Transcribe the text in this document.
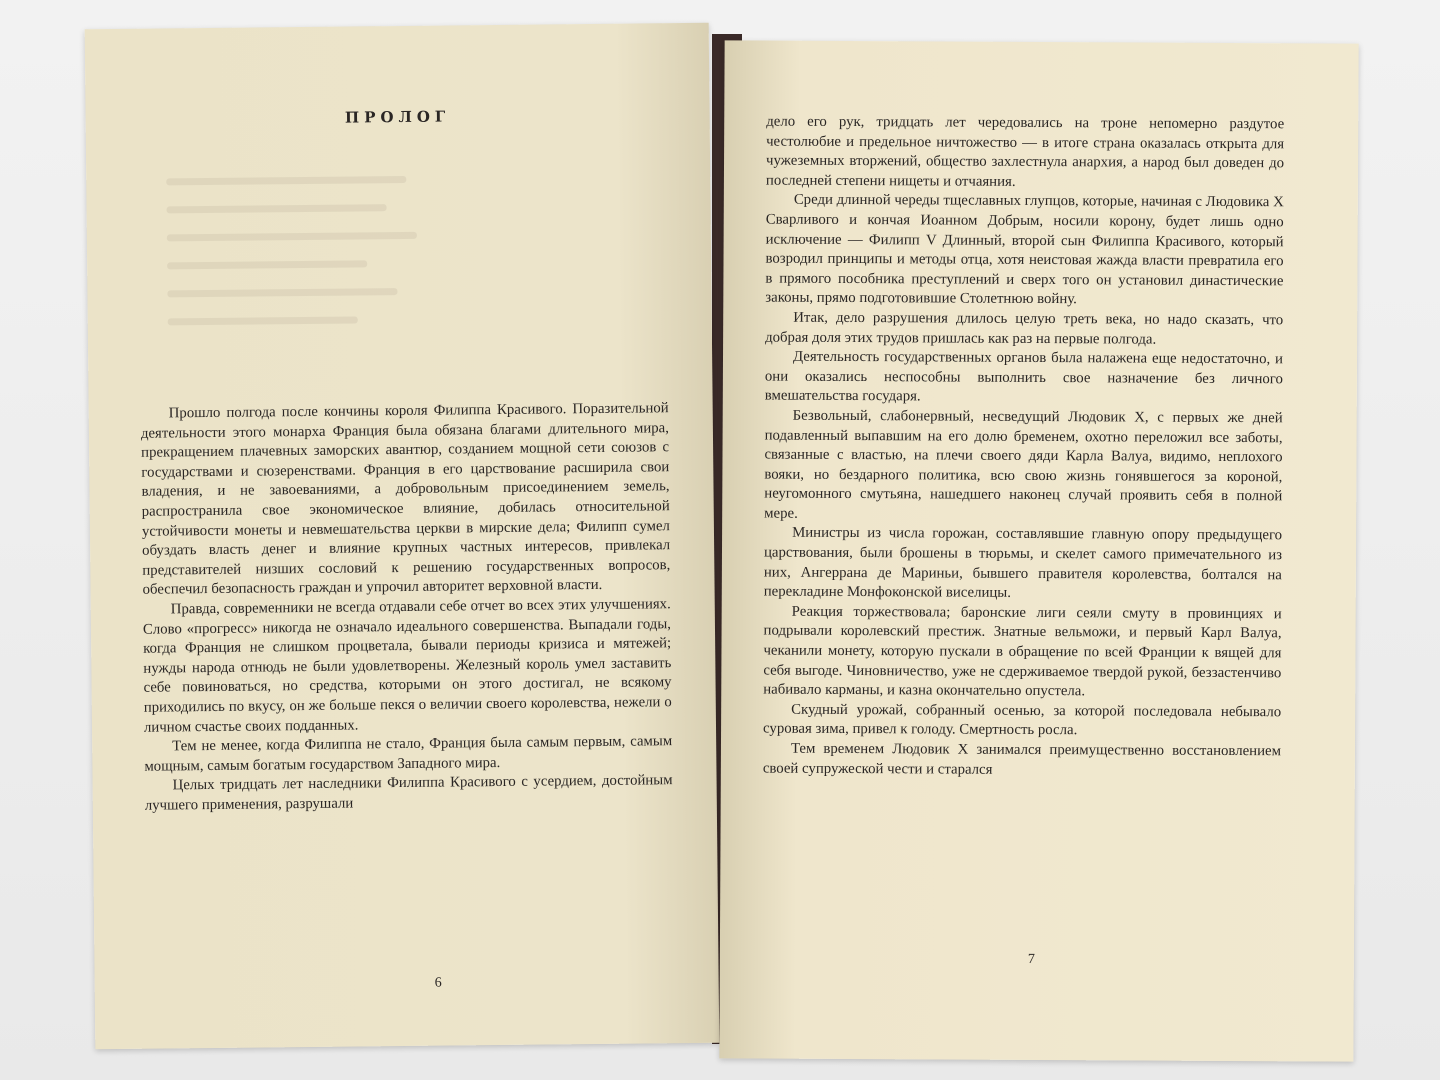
ПРОЛОГ

Прошло полгода после кончины короля Филиппа Красивого. Поразительной деятельности этого монарха Франция была обязана благами длительного мира, прекращением плачевных заморских авантюр, созданием мощной сети союзов с государствами и сюзеренствами. Франция в его царствование расширила свои владения, и не завоеваниями, а добровольным присоединением земель, распространила свое экономическое влияние, добилась относительной устойчивости монеты и невмешательства церкви в мирские дела; Филипп сумел обуздать власть денег и влияние крупных частных интересов, привлекал представителей низших сословий к решению государственных вопросов, обеспечил безопасность граждан и упрочил авторитет верховной власти.

Правда, современники не всегда отдавали себе отчет во всех этих улучшениях. Слово «прогресс» никогда не означало идеального совершенства. Выпадали годы, когда Франция не слишком процветала, бывали периоды кризиса и мятежей; нужды народа отнюдь не были удовлетворены. Железный король умел заставить себе повиноваться, но средства, которыми он этого достигал, не всякому приходились по вкусу, он же больше пекся о величии своего королевства, нежели о личном счастье своих подданных.

Тем не менее, когда Филиппа не стало, Франция была самым первым, самым мощным, самым богатым государством Западного мира.

Целых тридцать лет наследники Филиппа Красивого с усердием, достойным лучшего применения, разрушали

6

дело его рук, тридцать лет чередовались на троне непомерно раздутое честолюбие и предельное ничтожество — в итоге страна оказалась открыта для чужеземных вторжений, общество захлестнула анархия, а народ был доведен до последней степени нищеты и отчаяния.

Среди длинной череды тщеславных глупцов, которые, начиная с Людовика X Сварливого и кончая Иоанном Добрым, носили корону, будет лишь одно исключение — Филипп V Длинный, второй сын Филиппа Красивого, который возродил принципы и методы отца, хотя неистовая жажда власти превратила его в прямого пособника преступлений и сверх того он установил династические законы, прямо подготовившие Столетнюю войну.

Итак, дело разрушения длилось целую треть века, но надо сказать, что добрая доля этих трудов пришлась как раз на первые полгода.

Деятельность государственных органов была налажена еще недостаточно, и они оказались неспособны выполнить свое назначение без личного вмешательства государя.

Безвольный, слабонервный, несведущий Людовик X, с первых же дней подавленный выпавшим на его долю бременем, охотно переложил все заботы, связанные с властью, на плечи своего дяди Карла Валуа, видимо, неплохого вояки, но бездарного политика, всю свою жизнь гонявшегося за короной, неугомонного смутьяна, нашедшего наконец случай проявить себя в полной мере.

Министры из числа горожан, составлявшие главную опору предыдущего царствования, были брошены в тюрьмы, и скелет самого примечательного из них, Ангеррана де Мариньи, бывшего правителя королевства, болтался на перекладине Монфоконской виселицы.

Реакция торжествовала; баронские лиги сеяли смуту в провинциях и подрывали королевский престиж. Знатные вельможи, и первый Карл Валуа, чеканили монету, которую пускали в обращение по всей Франции к вящей для себя выгоде. Чиновничество, уже не сдерживаемое твердой рукой, беззастенчиво набивало карманы, и казна окончательно опустела.

Скудный урожай, собранный осенью, за которой последовала небывало суровая зима, привел к голоду. Смертность росла.

Тем временем Людовик X занимался преимущественно восстановлением своей супружеской чести и старался

7
